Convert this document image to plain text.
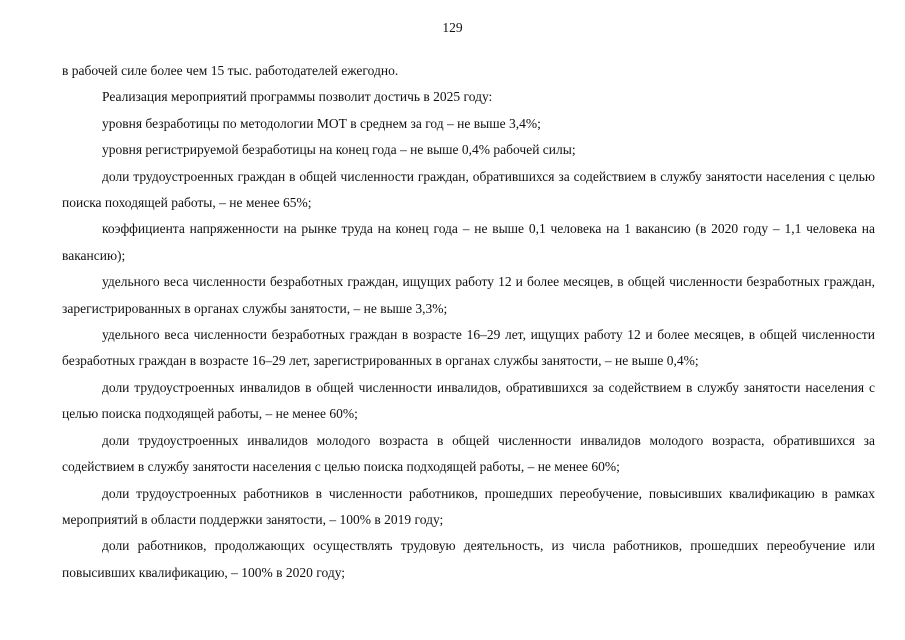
129

в рабочей силе более чем 15 тыс. работодателей ежегодно.

Реализация мероприятий программы позволит достичь в 2025 году:

уровня безработицы по методологии МОТ в среднем за год – не выше 3,4%;

уровня регистрируемой безработицы на конец года – не выше 0,4% рабочей силы;

доли трудоустроенных граждан в общей численности граждан, обратившихся за содействием в службу занятости населения с целью поиска походящей работы, – не менее 65%;

коэффициента напряженности на рынке труда на конец года – не выше 0,1 человека на 1 вакансию (в 2020 году – 1,1 человека на вакансию);

удельного веса численности безработных граждан, ищущих работу 12 и более месяцев, в общей численности безработных граждан, зарегистрированных в органах службы занятости, – не выше 3,3%;

удельного веса численности безработных граждан в возрасте 16–29 лет, ищущих работу 12 и более месяцев, в общей численности безработных граждан в возрасте 16–29 лет, зарегистрированных в органах службы занятости, – не выше 0,4%;

доли трудоустроенных инвалидов в общей численности инвалидов, обратившихся за содействием в службу занятости населения с целью поиска подходящей работы, – не менее 60%;

доли трудоустроенных инвалидов молодого возраста в общей численности инвалидов молодого возраста, обратившихся за содействием в службу занятости населения с целью поиска подходящей работы, – не менее 60%;

доли трудоустроенных работников в численности работников, прошедших переобучение, повысивших квалификацию в рамках мероприятий в области поддержки занятости, – 100% в 2019 году;

доли работников, продолжающих осуществлять трудовую деятельность, из числа работников, прошедших переобучение или повысивших квалификацию, – 100% в 2020 году;
